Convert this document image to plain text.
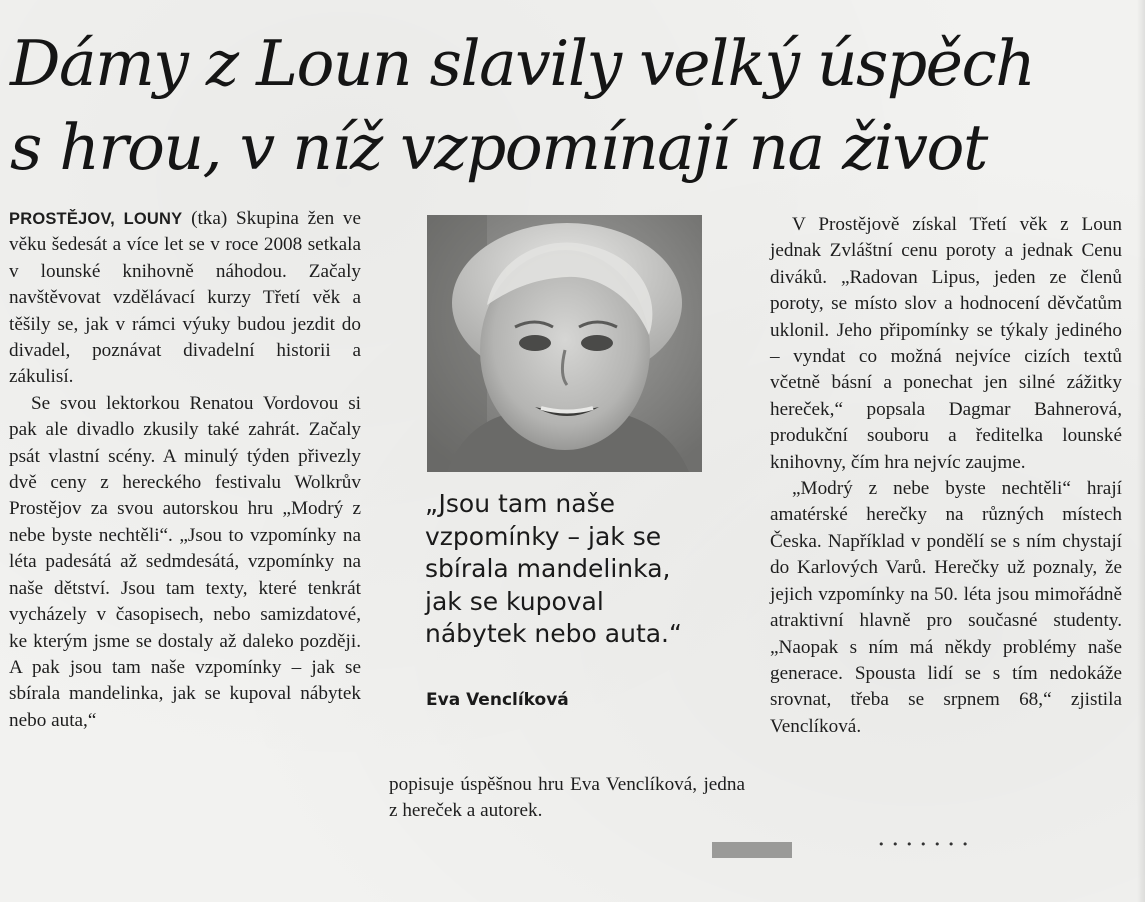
Dámy z Loun slavily velký úspěch
s hrou, v níž vzpomínají na život

PROSTĚJOV, LOUNY (tka) Skupina žen ve věku šedesát a více let se v roce 2008 setkala v lounské knihovně náhodou. Začaly navštěvovat vzdělávací kurzy Třetí věk a těšily se, jak v rámci výuky budou jezdit do divadel, poznávat divadelní historii a zákulisí.

Se svou lektorkou Renatou Vordovou si pak ale divadlo zkusily také zahrát. Začaly psát vlastní scény. A minulý týden přivezly dvě ceny z hereckého festivalu Wolkrův Prostějov za svou autorskou hru „Modrý z nebe byste nechtěli“. „Jsou to vzpomínky na léta padesátá až sedmdesátá, vzpomínky na naše dětství. Jsou tam texty, které tenkrát vycházely v časopisech, nebo samizdatové, ke kterým jsme se dostaly až daleko později. A pak jsou tam naše vzpomínky – jak se sbírala mandelinka, jak se kupoval nábytek nebo auta,“

„Jsou tam naše
vzpomínky – jak se
sbírala mandelinka,
jak se kupoval
nábytek nebo auta.“

Eva Venclíková

popisuje úspěšnou hru Eva Venclíková, jedna z hereček a autorek.

V Prostějově získal Třetí věk z Loun jednak Zvláštní cenu poroty a jednak Cenu diváků. „Radovan Lipus, jeden ze členů poroty, se místo slov a hodnocení děvčatům uklonil. Jeho připomínky se týkaly jediného – vyndat co možná nejvíce cizích textů včetně básní a ponechat jen silné zážitky hereček,“ popsala Dagmar Bahnerová, produkční souboru a ředitelka lounské knihovny, čím hra nejvíc zaujme.

„Modrý z nebe byste nechtěli“ hrají amatérské herečky na různých místech Česka. Například v pondělí se s ním chystají do Karlových Varů. Herečky už poznaly, že jejich vzpomínky na 50. léta jsou mimořádně atraktivní hlavně pro současné studenty. „Naopak s ním má někdy problémy naše generace. Spousta lidí se s tím nedokáže srovnat, třeba se srpnem 68,“ zjistila Venclíková.

• • • • • • •
